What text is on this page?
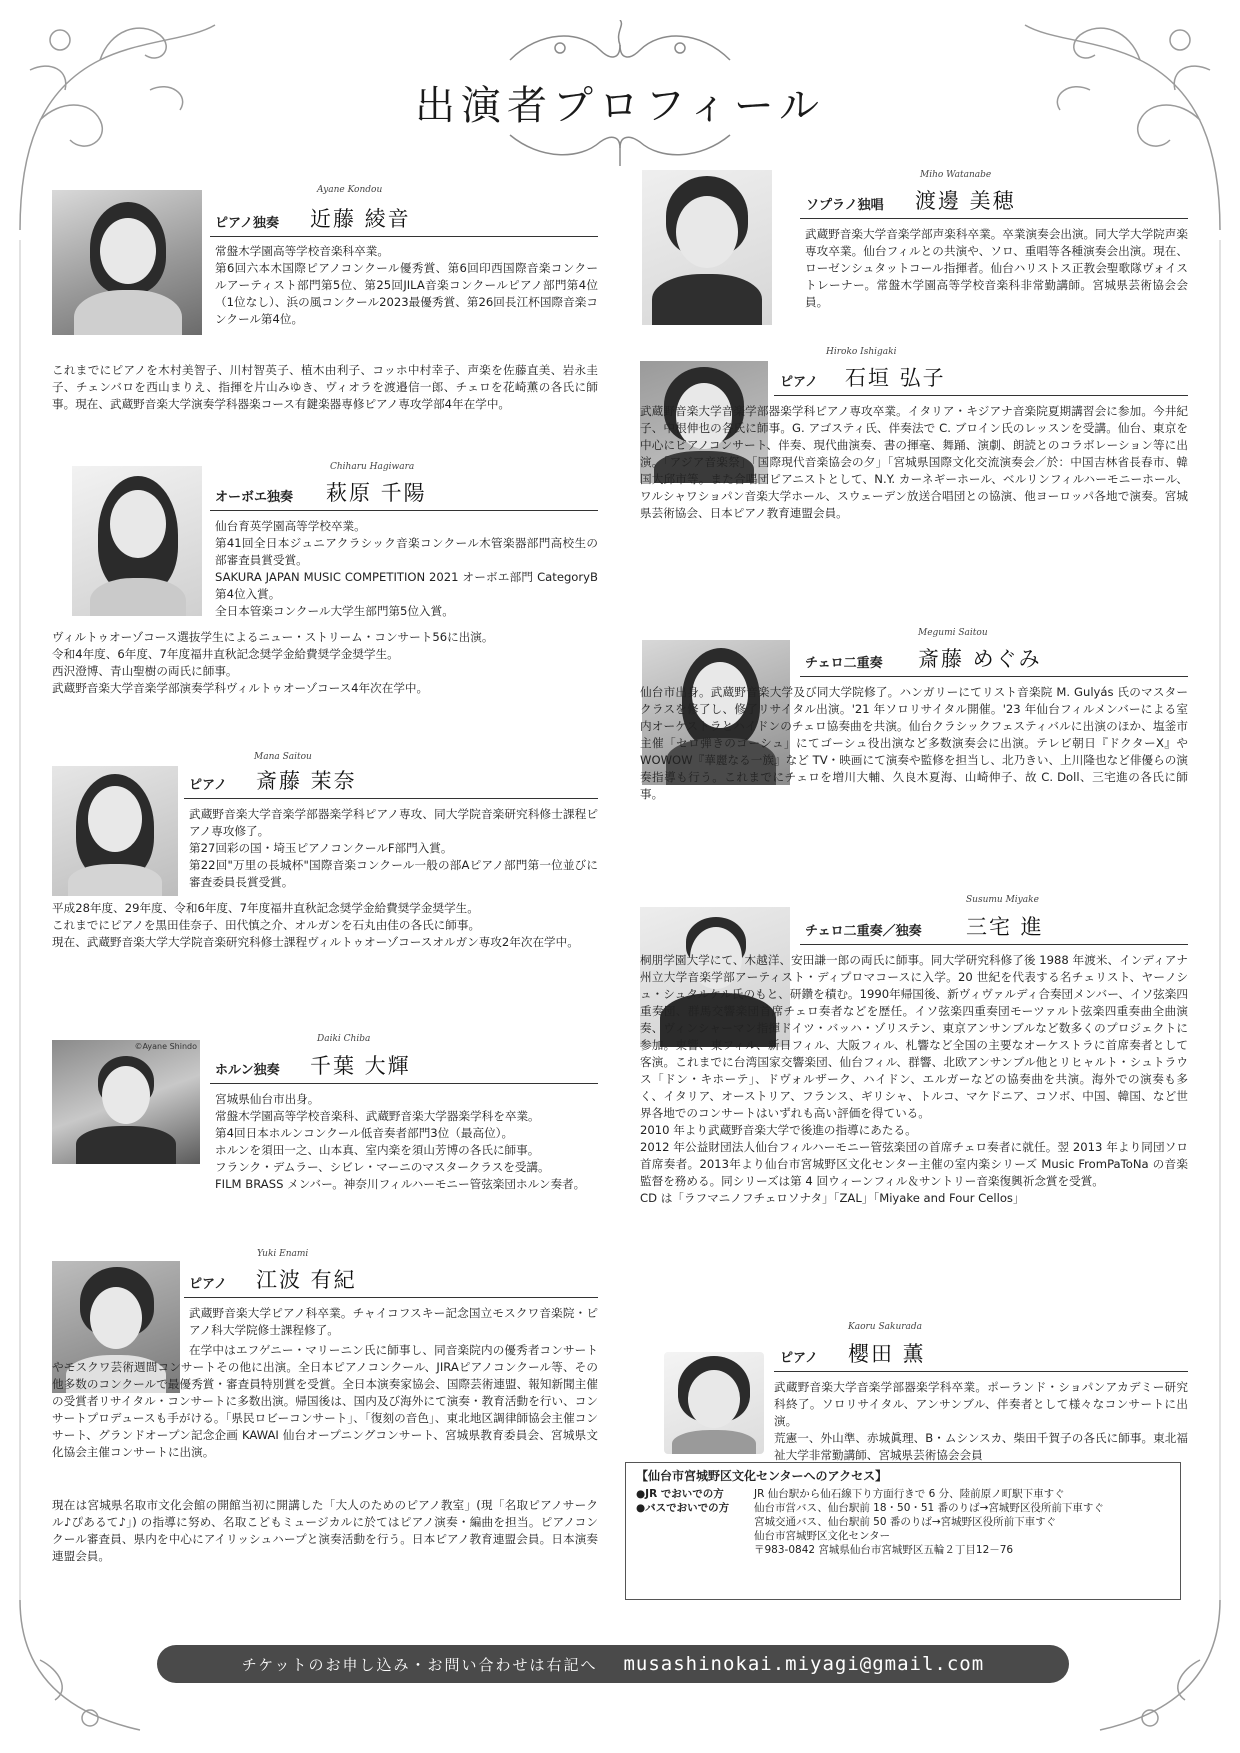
出演者プロフィール
Ayane Kondou
ピアノ独奏 近藤 綾音

常盤木学園高等学校音楽科卒業。

第6回六本木国際ピアノコンクール優秀賞、第6回印西国際音楽コンクールアーティスト部門第5位、第25回JILA音楽コンクールピアノ部門第4位（1位なし）、浜の風コンクール2023最優秀賞、第26回長江杯国際音楽コンクール第4位。

これまでにピアノを木村美智子、川村智英子、植木由利子、コッホ中村幸子、声楽を佐藤直美、岩永圭子、チェンバロを西山まりえ、指揮を片山みゆき、ヴィオラを渡邉信一郎、チェロを花崎薫の各氏に師事。現在、武蔵野音楽大学演奏学科器楽コース有鍵楽器専修ピアノ専攻学部4年在学中。

Chiharu Hagiwara
オーボエ独奏 萩原 千陽

仙台育英学園高等学校卒業。

第41回全日本ジュニアクラシック音楽コンクール木管楽器部門高校生の部審査員賞受賞。

SAKURA JAPAN MUSIC COMPETITION 2021 オーボエ部門 CategoryB 第4位入賞。

全日本管楽コンクール大学生部門第5位入賞。

ヴィルトゥオーゾコース選抜学生によるニュー・ストリーム・コンサート56に出演。

令和4年度、6年度、7年度福井直秋記念奨学金給費奨学金奨学生。

西沢澄博、青山聖樹の両氏に師事。

武蔵野音楽大学音楽学部演奏学科ヴィルトゥオーゾコース4年次在学中。

Mana Saitou
ピアノ 斎藤 茉奈

武蔵野音楽大学音楽学部器楽学科ピアノ専攻、同大学院音楽研究科修士課程ピアノ専攻修了。

第27回彩の国・埼玉ピアノコンクールF部門入賞。

第22回"万里の長城杯"国際音楽コンクール一般の部Aピアノ部門第一位並びに審査委員長賞受賞。

平成28年度、29年度、令和6年度、7年度福井直秋記念奨学金給費奨学金奨学生。

これまでにピアノを黒田佳奈子、田代慎之介、オルガンを石丸由佳の各氏に師事。

現在、武蔵野音楽大学大学院音楽研究科修士課程ヴィルトゥオーゾコースオルガン専攻2年次在学中。

©Ayane Shindo
Daiki Chiba
ホルン独奏 千葉 大輝

宮城県仙台市出身。

常盤木学園高等学校音楽科、武蔵野音楽大学器楽学科を卒業。

第4回日本ホルンコンクール低音奏者部門3位（最高位）。

ホルンを須田一之、山本真、室内楽を須山芳博の各氏に師事。

フランク・デムラー、シビレ・マーニのマスタークラスを受講。

FILM BRASS メンバー。神奈川フィルハーモニー管弦楽団ホルン奏者。

Yuki Enami
ピアノ 江波 有紀

武蔵野音楽大学ピアノ科卒業。チャイコフスキー記念国立モスクワ音楽院・ピアノ科大学院修士課程修了。

在学中はエフゲニー・マリーニン氏に師事し、同音楽院内の優秀者コンサートやモスクワ芸術週間コンサートその他に出演。全日本ピアノコンクール、JIRAピアノコンクール等、その他多数のコンクールで最優秀賞・審査員特別賞を受賞。全日本演奏家協会、国際芸術連盟、報知新聞主催の受賞者リサイタル・コンサートに多数出演。帰国後は、国内及び海外にて演奏・教育活動を行い、コンサートプロデュースも手がける。「県民ロビーコンサート」、「復刻の音色」、東北地区調律師協会主催コンサート、グランドオープン記念企画 KAWAI 仙台オープニングコンサート、宮城県教育委員会、宮城県文化協会主催コンサートに出演。

現在は宮城県名取市文化会館の開館当初に開講した「大人のためのピアノ教室」(現「名取ピアノサークル♪ぴあるて♪」) の指導に努め、名取こどもミュージカルに於てはピアノ演奏・編曲を担当。ピアノコンクール審査員、県内を中心にアイリッシュハープと演奏活動を行う。日本ピアノ教育連盟会員。日本演奏連盟会員。

Miho Watanabe
ソプラノ独唱 渡邊 美穂

武蔵野音楽大学音楽学部声楽科卒業。卒業演奏会出演。同大学大学院声楽専攻卒業。仙台フィルとの共演や、ソロ、重唱等各種演奏会出演。現在、ローゼンシュタットコール指揮者。仙台ハリストス正教会聖歌隊ヴォイストレーナー。常盤木学園高等学校音楽科非常勤講師。宮城県芸術協会会員。

Hiroko Ishigaki
ピアノ 石垣 弘子

武蔵野音楽大学音楽学部器楽学科ピアノ専攻卒業。イタリア・キジアナ音楽院夏期講習会に参加。今井紀子、中根伸也の各氏に師事。G. アゴスティ氏、伴奏法で C. ブロイン氏のレッスンを受講。仙台、東京を中心にピアノコンサート、伴奏、現代曲演奏、書の揮毫、舞踊、演劇、朗読とのコラボレーション等に出演。「アジア音楽祭」「国際現代音楽協会の夕」「宮城県国際文化交流演奏会／於：中国吉林省長春市、韓国大邱市等。また合唱団ピアニストとして、N.Y. カーネギーホール、ベルリンフィルハーモニーホール、ワルシャワショパン音楽大学ホール、スウェーデン放送合唱団との協演、他ヨーロッパ各地で演奏。宮城県芸術協会、日本ピアノ教育連盟会員。

Megumi Saitou
チェロ二重奏 斎藤 めぐみ

仙台市出身。武蔵野音楽大学及び同大学院修了。ハンガリーにてリスト音楽院 M. Gulyás 氏のマスタークラスを修了し、修了リサイタル出演。'21 年ソロリサイタル開催。'23 年仙台フィルメンバーによる室内オーケストラとハイドンのチェロ協奏曲を共演。仙台クラシックフェスティバルに出演のほか、塩釜市主催「セロ弾きのゴーシュ」にてゴーシュ役出演など多数演奏会に出演。テレビ朝日『ドクターX』や WOWOW『華麗なる一族』など TV・映画にて演奏や監修を担当し、北乃きい、上川隆也など俳優らの演奏指導も行う。これまでにチェロを増川大輔、久良木夏海、山崎伸子、故 C. Doll、三宅進の各氏に師事。

Susumu Miyake
チェロ二重奏／独奏 三宅 進

桐朋学園大学にて、木越洋、安田謙一郎の両氏に師事。同大学研究科修了後 1988 年渡米、インディアナ州立大学音楽学部アーティスト・ディプロマコースに入学。20 世紀を代表する名チェリスト、ヤーノシュ・シュタルケル氏のもと、研鑽を積む。1990年帰国後、新ヴィヴァルディ合奏団メンバー、イソ弦楽四重奏団、群馬交響楽団首席チェロ奏者などを歴任。イソ弦楽四重奏団モーツァルト弦楽四重奏曲全曲演奏、ヴィンシャーマン指揮ドイツ・バッハ・ゾリステン、東京アンサンブルなど数多くのプロジェクトに参加。東響、東フィル、新日フィル、大阪フィル、札響など全国の主要なオーケストラに首席奏者として客演。これまでに台湾国家交響楽団、仙台フィル、群響、北欧アンサンブル他とリヒャルト・シュトラウス「ドン・キホーテ」、ドヴォルザーク、ハイドン、エルガーなどの協奏曲を共演。海外での演奏も多く、イタリア、オーストリア、フランス、ギリシャ、トルコ、マケドニア、コソボ、中国、韓国、など世界各地でのコンサートはいずれも高い評価を得ている。

2010 年より武蔵野音楽大学で後進の指導にあたる。

2012 年公益財団法人仙台フィルハーモニー管弦楽団の首席チェロ奏者に就任。翌 2013 年より同団ソロ首席奏者。2013年より仙台市宮城野区文化センター主催の室内楽シリーズ Music FromPaToNa の音楽監督を務める。同シリーズは第 4 回ウィーンフィル＆サントリー音楽復興祈念賞を受賞。

CD は「ラフマニノフチェロソナタ」「ZAL」「Miyake and Four Cellos」

Kaoru Sakurada
ピアノ 櫻田 薫

武蔵野音楽大学音楽学部器楽学科卒業。ポーランド・ショパンアカデミー研究科終了。ソロリサイタル、アンサンブル、伴奏者として様々なコンサートに出演。

荒憲一、外山準、赤城眞理、B・ムシンスカ、柴田千賀子の各氏に師事。東北福祉大学非常勤講師、宮城県芸術協会会員

【仙台市宮城野区文化センターへのアクセス】
●JR でおいでの方	JR 仙台駅から仙石線下り方面行きで 6 分、陸前原ノ町駅下車すぐ
●バスでおいでの方	仙台市営バス、仙台駅前 18・50・51 番のりば→宮城野区役所前下車すぐ
宮城交通バス、仙台駅前 50 番のりば→宮城野区役所前下車すぐ
仙台市宮城野区文化センター
〒983-0842 宮城県仙台市宮城野区五輪２丁目12－76
チケットのお申し込み・お問い合わせは右記へ musashinokai.miyagi@gmail.com
